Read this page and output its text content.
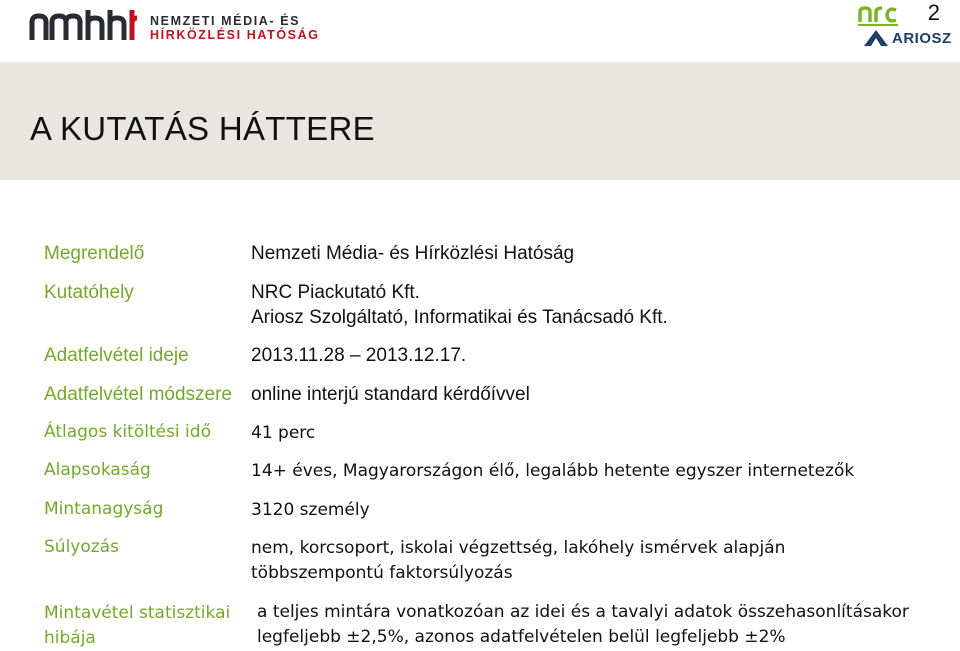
NEMZETI MÉDIA- ÉS
HÍRKÖZLÉSI HATÓSÁG
2
ARIOSZ
A KUTATÁS HÁTTERE
Megrendelő
Kutatóhely
Adatfelvétel ideje
Adatfelvétel módszere
Átlagos kitöltési idő
Alapsokaság
Mintanagyság
Súlyozás
Mintavétel statisztikai
hibája
Nemzeti Média- és Hírközlési Hatóság
NRC Piackutató Kft.
Ariosz Szolgáltató, Informatikai és Tanácsadó Kft.
2013.11.28 – 2013.12.17.
online interjú standard kérdőívvel
41 perc
14+ éves, Magyarországon élő, legalább hetente egyszer internetezők
3120 személy
nem, korcsoport, iskolai végzettség, lakóhely ismérvek alapján
többszempontú faktorsúlyozás
a teljes mintára vonatkozóan az idei és a tavalyi adatok összehasonlításakor
legfeljebb ±2,5%, azonos adatfelvételen belül legfeljebb ±2%
